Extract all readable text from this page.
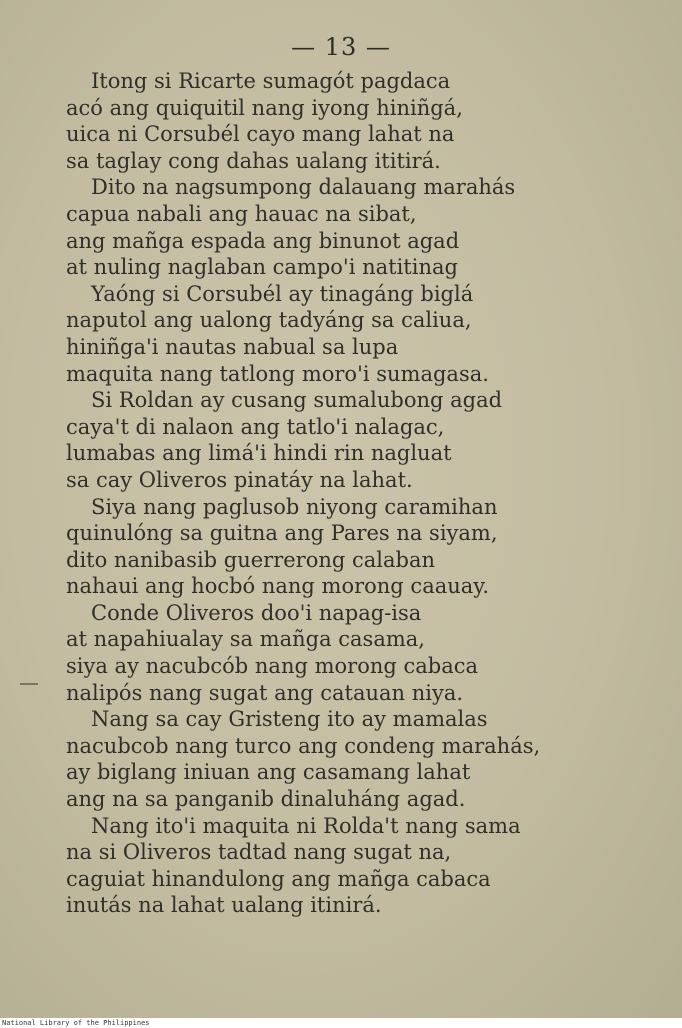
— 13 —
Itong si Ricarte sumagót pagdaca
acó ang quiquitil nang iyong hiniñgá,
uica ni Corsubél cayo mang lahat na
sa taglay cong dahas ualang ititirá.
Dito na nagsumpong dalauang marahás
capua nabali ang hauac na sibat,
ang mañga espada ang binunot agad
at nuling naglaban campo'i natitinag
Yaóng si Corsubél ay tinagáng biglá
naputol ang ualong tadyáng sa caliua,
hiniñga'i nautas nabual sa lupa
maquita nang tatlong moro'i sumagasa.
Si Roldan ay cusang sumalubong agad
caya't di nalaon ang tatlo'i nalagac,
lumabas ang limá'i hindi rin nagluat
sa cay Oliveros pinatáy na lahat.
Siya nang paglusob niyong caramihan
quinulóng sa guitna ang Pares na siyam,
dito nanibasib guerrerong calaban
nahaui ang hocbó nang morong caauay.
Conde Oliveros doo'i napag-isa
at napahiualay sa mañga casama,
siya ay nacubcób nang morong cabaca
nalipós nang sugat ang catauan niya.
Nang sa cay Gristeng ito ay mamalas
nacubcob nang turco ang condeng marahás,
ay biglang iniuan ang casamang lahat
ang na sa panganib dinaluháng agad.
Nang ito'i maquita ni Rolda't nang sama
na si Oliveros tadtad nang sugat na,
caguiat hinandulong ang mañga cabaca
inutás na lahat ualang itinirá.
National Library of the Philippines
